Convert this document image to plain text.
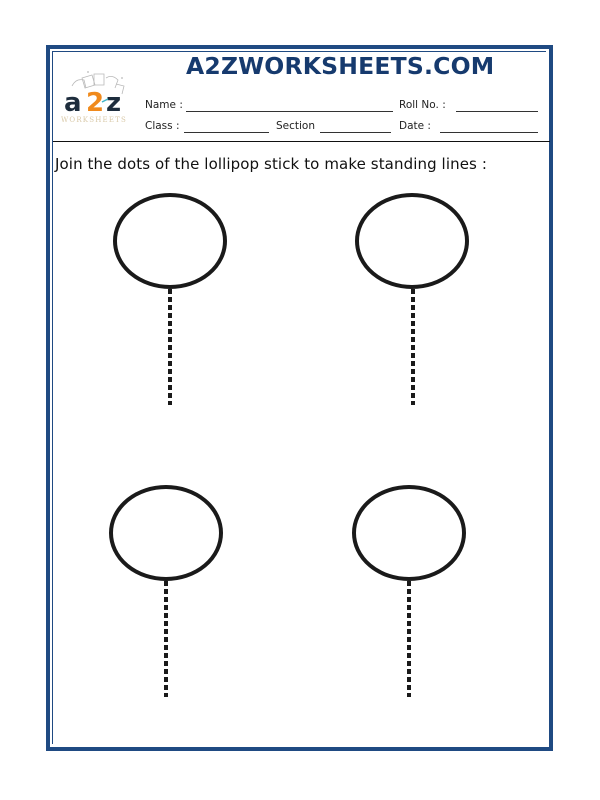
a 2 z
WORKSHEETS
A2ZWORKSHEETS.COM
Name :	Roll No. :
Class :	Section	Date :
Join the dots of the lollipop stick to make standing lines :
